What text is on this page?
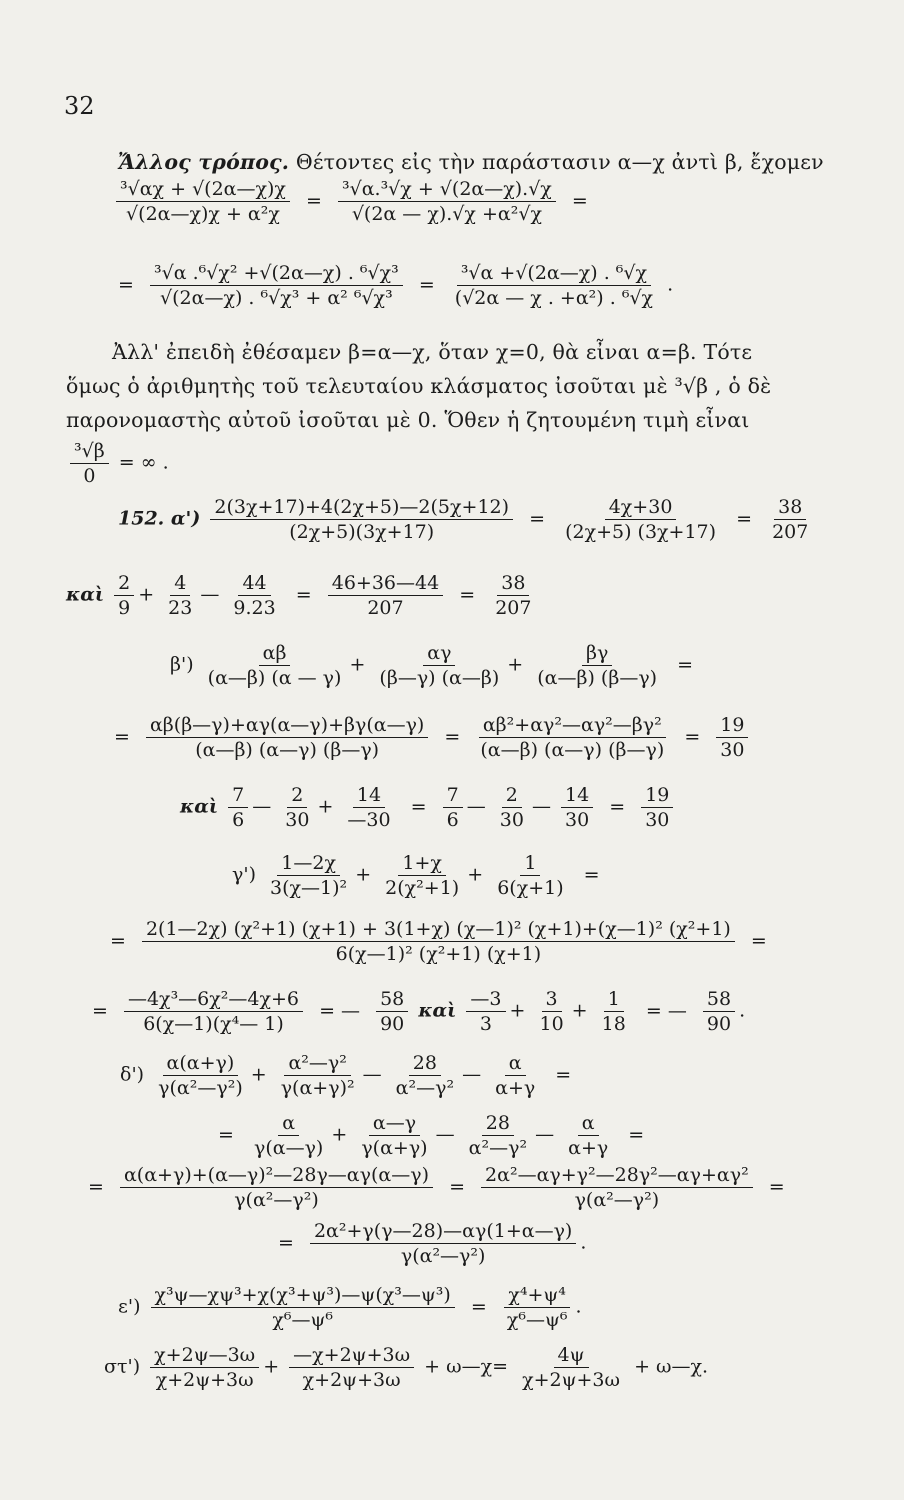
32
Ἄλλος τρόπος. Θέτοντες εἰς τὴν παράστασιν α—χ ἀντὶ β, ἔχομεν
$\frac{\text{³√αχ + √(2α—χ)χ}}{\text{√(2α—χ)χ + α²χ}} = \frac{\text{³√α.³√χ + √(2α—χ).√χ}}{\text{√(2α — χ).√χ +α²√χ}}$ =
= $\frac{\text{³√α .⁶√χ² +√(2α—χ) . ⁶√χ³}}{\text{√(2α—χ) . ⁶√χ³ + α² ⁶√χ³}} = \frac{\text{³√α +√(2α—χ) . ⁶√χ}}{\text{(√2α — χ . +α²) . ⁶√χ}}$ .
Ἀλλ' ἐπειδὴ ἐθέσαμεν β=α—χ, ὅταν χ=0, θὰ εἶναι α=β. Τότε
ὅμως ὁ ἀριθμητὴς τοῦ τελευταίου κλάσματος ἰσοῦται μὲ ³√β , ὁ δὲ
παρονομαστὴς αὐτοῦ ἰσοῦται μὲ 0. Ὅθεν ἡ ζητουμένη τιμὴ εἶναι
$\frac{\text{³√β}}{0}$ = ∞ .
152. $\alpha') \frac{2(3\chi+17)+4(2\chi+5)—2(5\chi+12)}{(2\chi+5)(3\chi+17)} = \frac{4\chi+30}{(2\chi+5) (3\chi+17)} = \frac{38}{207}$
καὶ $\frac{2}{9} + \frac{4}{23}$ — $\frac{44}{9.23} = \frac{46+36—44}{207} = \frac{38}{207}$
$\beta') \frac{\alpha\beta}{(\alpha—\beta) (\alpha — \gamma)} + \frac{\alpha\gamma}{(\beta—\gamma) (\alpha—\beta)} + \frac{\beta\gamma}{(\alpha—\beta) (\beta—\gamma)}$ =
= $\frac{\alpha\beta(\beta—\gamma)+\alpha\gamma(\alpha—\gamma)+\beta\gamma(\alpha—\gamma)}{(\alpha—\beta) (\alpha—\gamma) (\beta—\gamma)} = \frac{\text{αβ²+αγ²—αγ²—βγ²}}{(\alpha—\beta) (\alpha—\gamma) (\beta—\gamma)} = \frac{19}{30}$
καὶ $\frac{7}{6}$ — $\frac{2}{30} + \frac{14}{—30} = \frac{7}{6}$ — $\frac{2}{30}$ — $\frac{14}{30} = \frac{19}{30}$
$\gamma') \frac{1—2\chi}{\text{3(χ—1)²}} + \frac{1+\chi}{\text{2(χ²+1)}} + \frac{1}{6(\chi+1)}$ =
= $\frac{\text{2(1—2χ) (χ²+1) (χ+1) + 3(1+χ) (χ—1)² (χ+1)+(χ—1)² (χ²+1)}}{\text{6(χ—1)² (χ²+1) (χ+1)}}$ =
= $\frac{\text{—4χ³—6χ²—4χ+6}}{\text{6(χ—1)(χ⁴— 1)}}$ = — $\frac{58}{90}$ καὶ $\frac{—3}{3} + \frac{3}{10} + \frac{1}{18}$ = — $\frac{58}{90}$ .
$\delta') \frac{\alpha(\alpha+\gamma)}{\text{γ(α²—γ²)}} + \frac{\text{α²—γ²}}{\text{γ(α+γ)²}}$ — $\frac{28}{\text{α²—γ²}}$ — $\frac{\alpha}{\alpha+\gamma}$ =
= $\frac{\alpha}{\gamma(\alpha—\gamma)} + \frac{\alpha—\gamma}{\gamma(\alpha+\gamma)}$ — $\frac{28}{\text{α²—γ²}}$ — $\frac{\alpha}{\alpha+\gamma}$ =
= $\frac{\text{α(α+γ)+(α—γ)²—28γ—αγ(α—γ)}}{\text{γ(α²—γ²)}} = \frac{\text{2α²—αγ+γ²—28γ²—αγ+αγ²}}{\text{γ(α²—γ²)}}$ =
= $\frac{\text{2α²+γ(γ—28)—αγ(1+α—γ)}}{\text{γ(α²—γ²)}}$ .
$\varepsilon') \frac{\text{χ³ψ—χψ³+χ(χ³+ψ³)—ψ(χ³—ψ³)}}{\text{χ⁶—ψ⁶}} = \frac{\text{χ⁴+ψ⁴}}{\text{χ⁶—ψ⁶}}$ .
$\sigma\tau') \frac{\chi+2\psi—3\omega}{\chi+2\psi+3\omega} + \frac{—\chi+2\psi+3\omega}{\chi+2\psi+3\omega}$ + ω—χ= $\frac{4\psi}{\chi+2\psi+3\omega}$ + ω—χ.
